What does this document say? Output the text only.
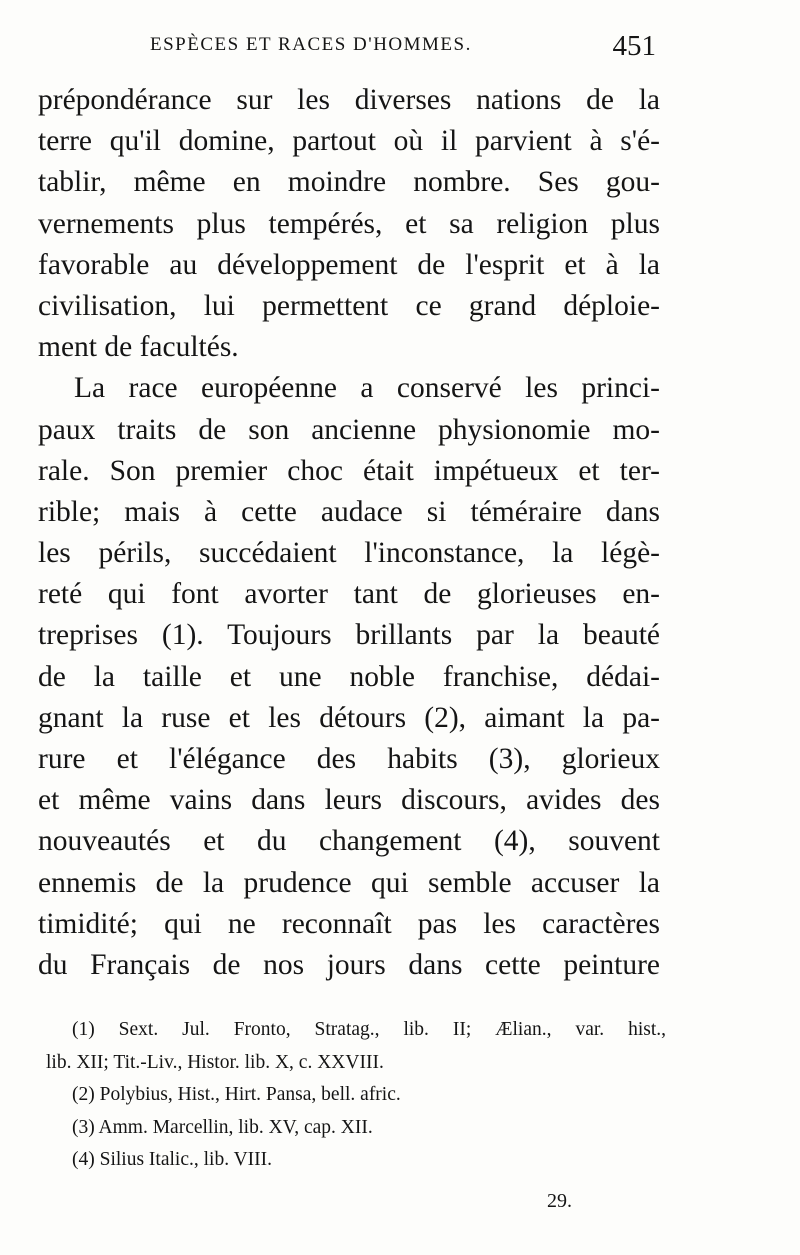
ESPÈCES ET RACES D'HOMMES.	451
prépondérance sur les diverses nations de la
terre qu'il domine, partout où il parvient à s'é-
tablir, même en moindre nombre. Ses gou-
vernements plus tempérés, et sa religion plus
favorable au développement de l'esprit et à la
civilisation, lui permettent ce grand déploie-
ment de facultés.
La race européenne a conservé les princi-
paux traits de son ancienne physionomie mo-
rale. Son premier choc était impétueux et ter-
rible; mais à cette audace si téméraire dans
les périls, succédaient l'inconstance, la légè-
reté qui font avorter tant de glorieuses en-
treprises (1). Toujours brillants par la beauté
de la taille et une noble franchise, dédai-
gnant la ruse et les détours (2), aimant la pa-
rure et l'élégance des habits (3), glorieux
et même vains dans leurs discours, avides des
nouveautés et du changement (4), souvent
ennemis de la prudence qui semble accuser la
timidité; qui ne reconnaît pas les caractères
du Français de nos jours dans cette peinture
(1) Sext. Jul. Fronto, Stratag., lib. II; Ælian., var. hist.,
lib. XII; Tit.-Liv., Histor. lib. X, c. XXVIII.
(2) Polybius, Hist., Hirt. Pansa, bell. afric.
(3) Amm. Marcellin, lib. XV, cap. XII.
(4) Silius Italic., lib. VIII.
29.
